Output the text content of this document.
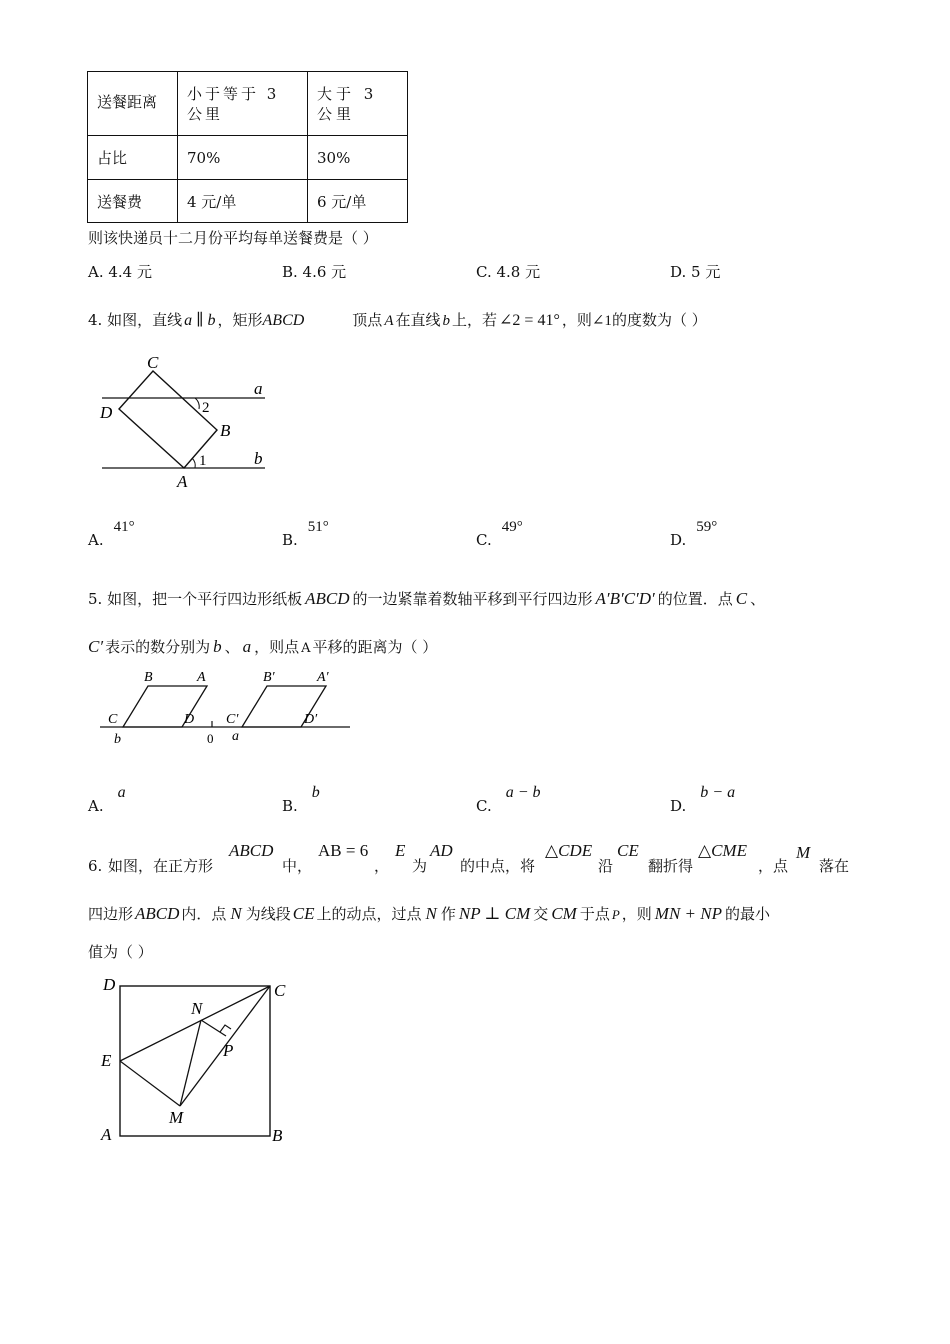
送餐距离	小于等于 3 公里	大于 3 公里

占比	70%	30%

送餐费	4 元/单	6 元/单
则该快递员十二月份平均每单送餐费是（ ）
A. 4.4 元	B. 4.6 元	C. 4.8 元	D. 5 元
4. 如图，直线 a ∥ b ，矩形ABCD	顶点 A 在直线 b 上，若 ∠2 = 41° ，则∠1的度数为（ ）
C
D
B
A
a
b
1
2
A.41°
B.51°
C.49°
D.59°
5. 如图，把一个平行四边形纸板 ABCD 的一边紧靠着数轴平移到平行四边形 A′B′C′D′ 的位置．点 C 、
C′ 表示的数分别为 b 、 a ，则点 A 平移的距离为（ ）
B	A
C	D
B′	A′
C′	D′
b	0 a
A.a
B.b
C.a − b
D.b − a
6. 如图，在正方形
ABCD
中，
AB = 6
，
E
为
AD
的中点，将
△CDE
沿
CE
翻折得
△CME
，点
M
落在
四边形 ABCD 内．点 N 为线段 CE 上的动点，过点 N 作 NP ⊥ CM 交 CM 于点 P ，则 MN + NP 的最小
值为（ ）
D	C
N
P
E
M
A	B
